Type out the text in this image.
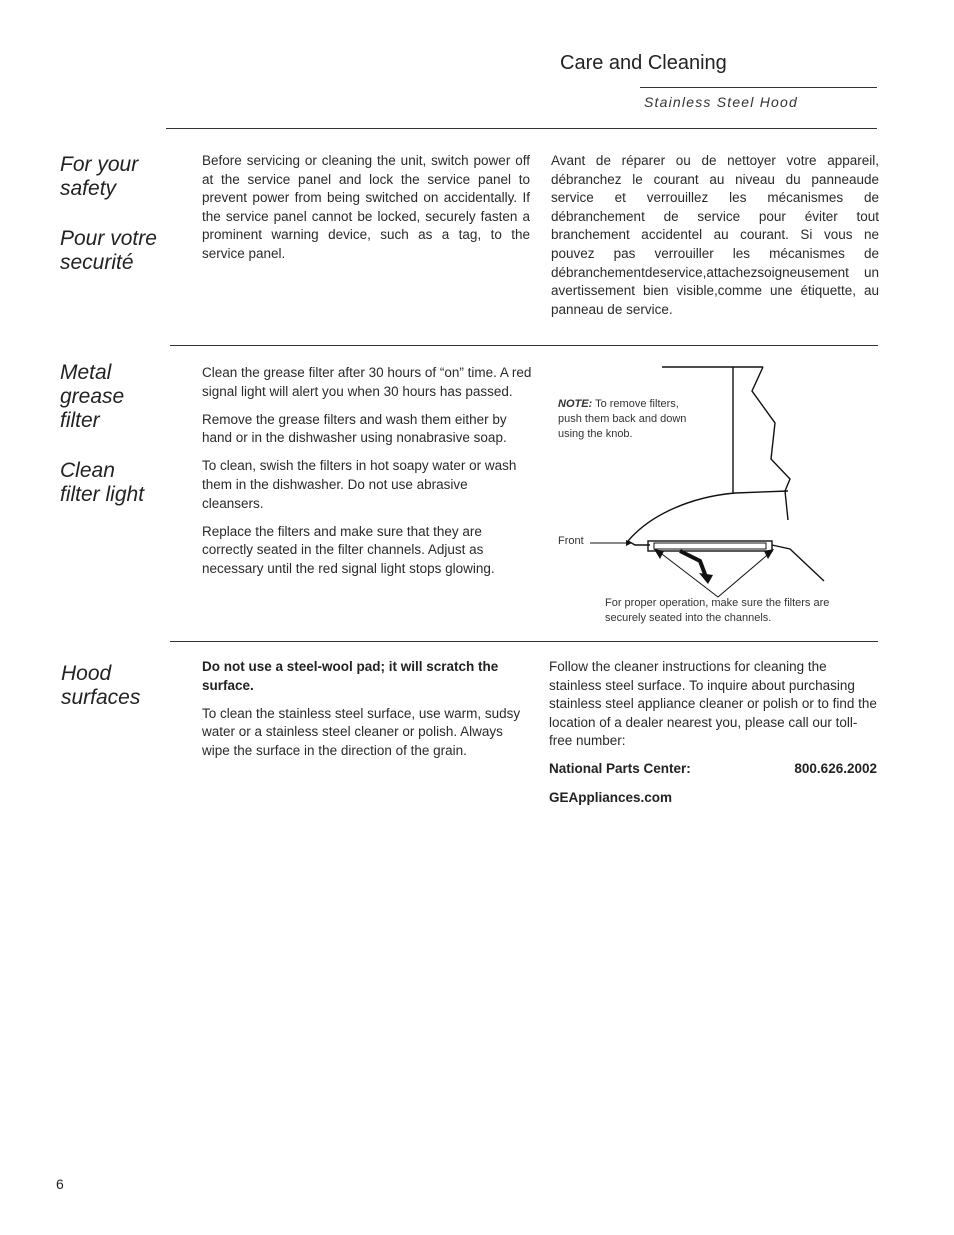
Care and Cleaning
Stainless Steel Hood
For your safety
Pour votre securité
Before servicing or cleaning the unit, switch power off at the service panel and lock the service panel to prevent power from being switched on accidentally. If the service panel cannot be locked, securely fasten a prominent warning device, such as a tag, to the service panel.
Avant de réparer ou de nettoyer votre appareil, débranchez le courant au niveau du panneaude service et verrouillez les mécanismes de débranchement de service pour éviter tout branchement accidentel au courant. Si vous ne pouvez pas verrouiller les mécanismes de débranchementdeservice,attachezsoigneusement un avertissement bien visible,comme une étiquette, au panneau de service.
Metal grease filter
Clean filter light

Clean the grease filter after 30 hours of “on” time. A red signal light will alert you when 30 hours has passed.

Remove the grease filters and wash them either by hand or in the dishwasher using nonabrasive soap.

To clean, swish the filters in hot soapy water or wash them in the dishwasher. Do not use abrasive cleansers.

Replace the filters and make sure that they are correctly seated in the filter channels. Adjust as necessary until the red signal light stops glowing.

NOTE: To remove filters, push them back and down using the knob.
Front
For proper operation, make sure the filters are securely seated into the channels.
Hood surfaces

Do not use a steel-wool pad; it will scratch the surface.

To clean the stainless steel surface, use warm, sudsy water or a stainless steel cleaner or polish. Always wipe the surface in the direction of the grain.

Follow the cleaner instructions for cleaning the stainless steel surface. To inquire about purchasing stainless steel appliance cleaner or polish or to find the location of a dealer nearest you, please call our toll-free number:

National Parts Center:	800.626.2002
GEAppliances.com
6
